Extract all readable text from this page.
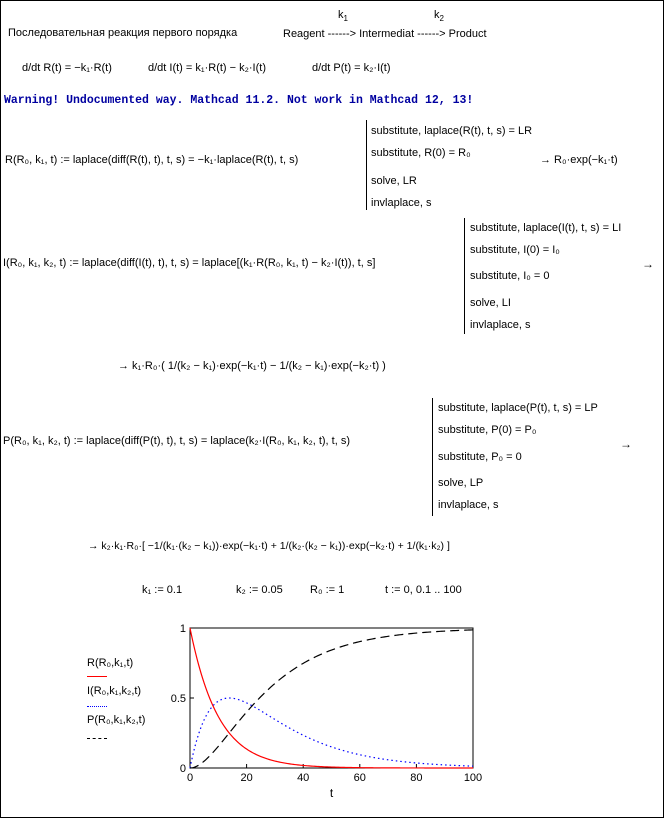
Последовательная реакция первого порядка
$k_1$	$k_2$
Reagent ------> Intermediat ------> Product
d/dt R(t) = −k₁·R(t)	d/dt I(t) = k₁·R(t) − k₂·I(t)	d/dt P(t) = k₂·I(t)
Warning! Undocumented way. Mathcad 11.2. Not work in Mathcad 12, 13!
R(R₀, k₁, t) := laplace(diff(R(t), t), t, s) = −k₁·laplace(R(t), t, s)
substitute, laplace(R(t), t, s) = LR
substitute, R(0) = R₀
solve, LR
invlaplace, s
→ R₀·exp(−k₁·t)
I(R₀, k₁, k₂, t) := laplace(diff(I(t), t), t, s) = laplace[(k₁·R(R₀, k₁, t) − k₂·I(t)), t, s]
substitute, laplace(I(t), t, s) = LI
substitute, I(0) = I₀
substitute, I₀ = 0
solve, LI
invlaplace, s
→
→ k₁·R₀·( 1/(k₂ − k₁)·exp(−k₁·t) − 1/(k₂ − k₁)·exp(−k₂·t) )
P(R₀, k₁, k₂, t) := laplace(diff(P(t), t), t, s) = laplace(k₂·I(R₀, k₁, k₂, t), t, s)
substitute, laplace(P(t), t, s) = LP
substitute, P(0) = P₀
substitute, P₀ = 0
solve, LP
invlaplace, s
→
→ k₂·k₁·R₀·[ −1/(k₁·(k₂ − k₁))·exp(−k₁·t) + 1/(k₂·(k₂ − k₁))·exp(−k₂·t) + 1/(k₁·k₂) ]
k₁ := 0.1	k₂ := 0.05 R₀ := 1	t := 0, 0.1 .. 100
R(R₀,k₁,t)
I(R₀,k₁,k₂,t)
P(R₀,k₁,k₂,t)
0
0.5
1
0	20	40	60	80	100
t
